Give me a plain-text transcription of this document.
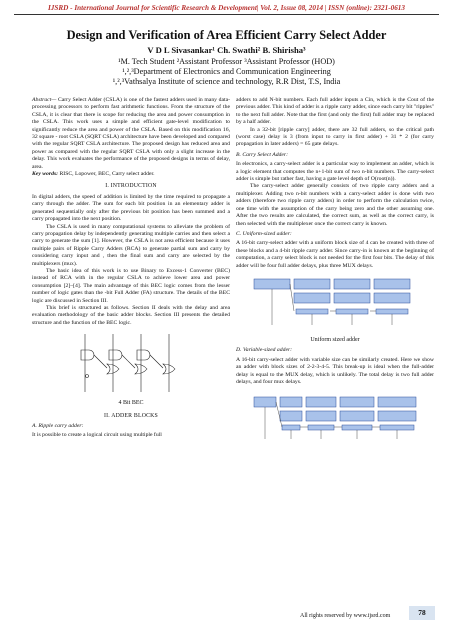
IJSRD - International Journal for Scientific Research & Development| Vol. 2, Issue 08, 2014 | ISSN (online): 2321-0613
Design and Verification of Area Efficient Carry Select Adder
V D L Sivasankar¹ Ch. Swathi² B. Shirisha³
¹M. Tech Student ²Assistant Professor ³Assistant Professor (HOD)
¹,²,³Department of Electronics and Communication Engineering
¹,²,³Vathsalya Institute of science and technology, R.R Dist, T.S, India

Abstract— Carry Select Adder (CSLA) is one of the fastest adders used in many data-processing processors to perform fast arithmetic functions. From the structure of the CSLA, it is clear that there is scope for reducing the area and power consumption in the CSLA. This work uses a simple and efficient gate-level modification to significantly reduce the area and power of the CSLA. Based on this modification 16, 32 square - root CSLA (SQRT CSLA) architecture have been developed and compared with the regular SQRT CSLA architecture. The proposed design has reduced area and power as compared with the regular SQRT CSLA with only a slight increase in the delay. This work evaluates the performance of the proposed designs in terms of delay, area.

Key words: RISC, Lopower, BEC, Carry select adder.

I. INTRODUCTION

In digital adders, the speed of addition is limited by the time required to propagate a carry through the adder. The sum for each bit position in an elementary adder is generated sequentially only after the previous bit position has been summed and a carry propagated into the next position.

The CSLA is used in many computational systems to alleviate the problem of carry propagation delay by independently generating multiple carries and then select a carry to generate the sum [1]. However, the CSLA is not area efficient because it uses multiple pairs of Ripple Carry Adders (RCA) to generate partial sum and carry by considering carry input and , then the final sum and carry are selected by the multiplexers (mux).

The basic idea of this work is to use Binary to Excess-1 Converter (BEC) instead of RCA with in the regular CSLA to achieve lower area and power consumption [2]–[4]. The main advantage of this BEC logic comes from the lesser number of logic gates than the -bit Full Adder (FA) structure. The details of the BEC logic are discussed in Section III.

This brief is structured as follows. Section II deals with the delay and area evaluation methodology of the basic adder blocks. Section III presents the detailed structure and the function of the BEC logic.

4 Bit BEC
II. ADDER BLOCKS
A. Ripple carry adder:

It is possible to create a logical circuit using multiple full

adders to add N-bit numbers. Each full adder inputs a Cin, which is the Cout of the previous adder. This kind of adder is a ripple carry adder, since each carry bit "ripples" to the next full adder. Note that the first (and only the first) full adder may be replaced by a half adder.

In a 32-bit [ripple carry] adder, there are 32 full adders, so the critical path (worst case) delay is 3 (from input to carry in first adder) + 31 * 2 (for carry propagation in later adders) = 65 gate delays.

B. Carry Select Adder:

In electronics, a carry-select adder is a particular way to implement an adder, which is a logic element that computes the n+1-bit sum of two n-bit numbers. The carry-select adder is simple but rather fast, having a gate level depth of O(root(n)).

The carry-select adder generally consists of two ripple carry adders and a multiplexer. Adding two n-bit numbers with a carry-select adder is done with two adders (therefore two ripple carry adders) in order to perform the calculation twice, one time with the assumption of the carry being zero and the other assuming one. After the two results are calculated, the correct sum, as well as the correct carry, is then selected with the multiplexer once the correct carry is known.

C. Uniform-sized adder:

A 16-bit carry-select adder with a uniform block size of 4 can be created with three of these blocks and a 4-bit ripple carry adder. Since carry-in is known at the beginning of computation, a carry select block is not needed for the first four bits. The delay of this adder will be four full adder delays, plus three MUX delays.

Uniform sized adder
D. Variable-sized adder:

A 16-bit carry-select adder with variable size can be similarly created. Here we show an adder with block sizes of 2-2-3-4-5. This break-up is ideal when the full-adder delay is equal to the MUX delay, which is unlikely. The total delay is two full adder delays, and four mux delays.

All rights reserved by www.ijsrd.com	78
